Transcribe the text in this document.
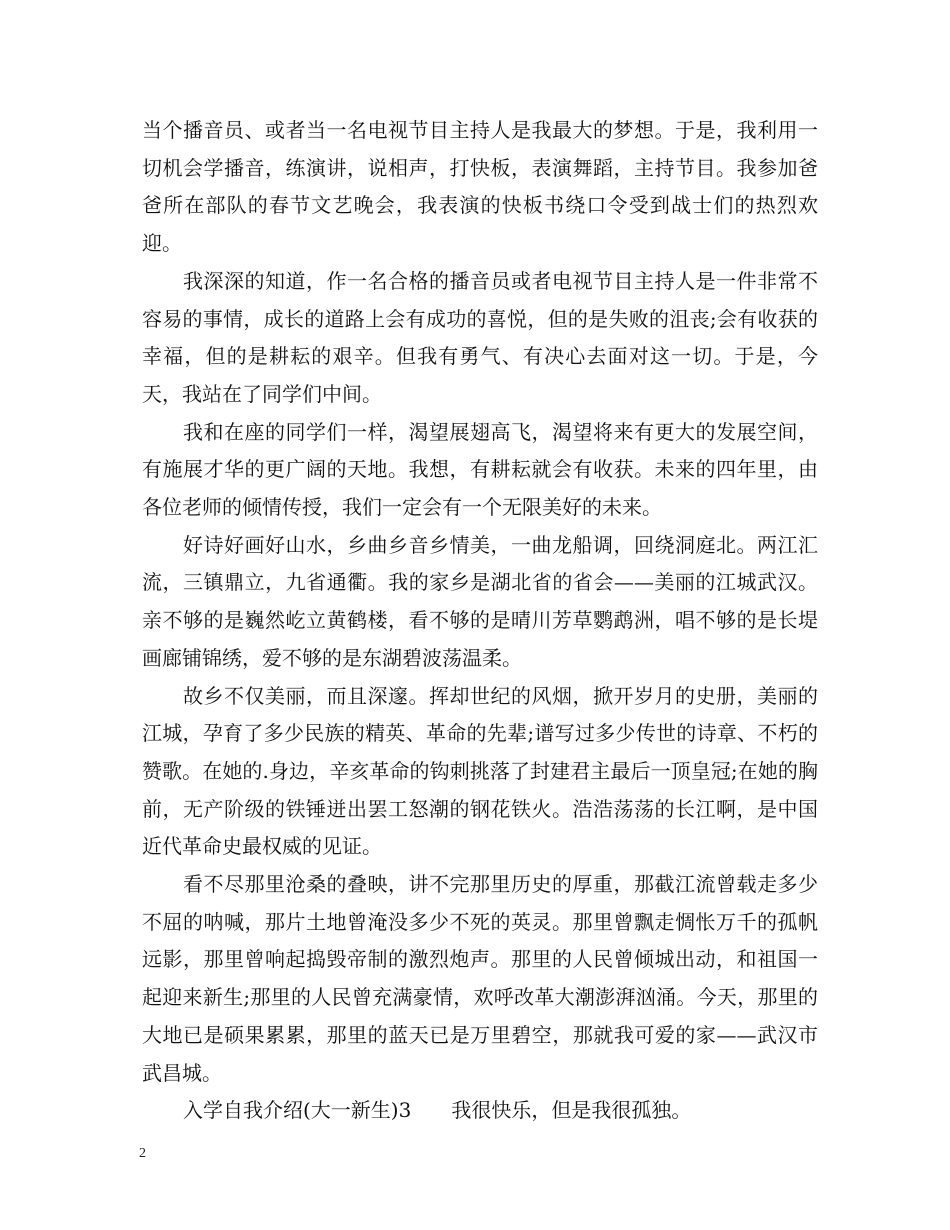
当个播音员、或者当一名电视节目主持人是我最大的梦想。于是，我利用一切机会学播音，练演讲，说相声，打快板，表演舞蹈，主持节目。我参加爸爸所在部队的春节文艺晚会，我表演的快板书绕口令受到战士们的热烈欢迎。

我深深的知道，作一名合格的播音员或者电视节目主持人是一件非常不容易的事情，成长的道路上会有成功的喜悦，但的是失败的沮丧;会有收获的幸福，但的是耕耘的艰辛。但我有勇气、有决心去面对这一切。于是，今天，我站在了同学们中间。

我和在座的同学们一样，渴望展翅高飞，渴望将来有更大的发展空间，有施展才华的更广阔的天地。我想，有耕耘就会有收获。未来的四年里，由各位老师的倾情传授，我们一定会有一个无限美好的未来。

好诗好画好山水，乡曲乡音乡情美，一曲龙船调，回绕洞庭北。两江汇流，三镇鼎立，九省通衢。我的家乡是湖北省的省会——美丽的江城武汉。亲不够的是巍然屹立黄鹤楼，看不够的是晴川芳草鹦鹉洲，唱不够的是长堤画廊铺锦绣，爱不够的是东湖碧波荡温柔。

故乡不仅美丽，而且深邃。挥却世纪的风烟，掀开岁月的史册，美丽的江城，孕育了多少民族的精英、革命的先辈;谱写过多少传世的诗章、不朽的赞歌。在她的.身边，辛亥革命的钩刺挑落了封建君主最后一顶皇冠;在她的胸前，无产阶级的铁锤迸出罢工怒潮的钢花铁火。浩浩荡荡的长江啊，是中国近代革命史最权威的见证。

看不尽那里沧桑的叠映，讲不完那里历史的厚重，那截江流曾载走多少不屈的呐喊，那片土地曾淹没多少不死的英灵。那里曾飘走惆怅万千的孤帆远影，那里曾响起捣毁帝制的激烈炮声。那里的人民曾倾城出动，和祖国一起迎来新生;那里的人民曾充满豪情，欢呼改革大潮澎湃汹涌。今天，那里的大地已是硕果累累，那里的蓝天已是万里碧空，那就我可爱的家——武汉市武昌城。

入学自我介绍(大一新生)3　　我很快乐，但是我很孤独。

2
